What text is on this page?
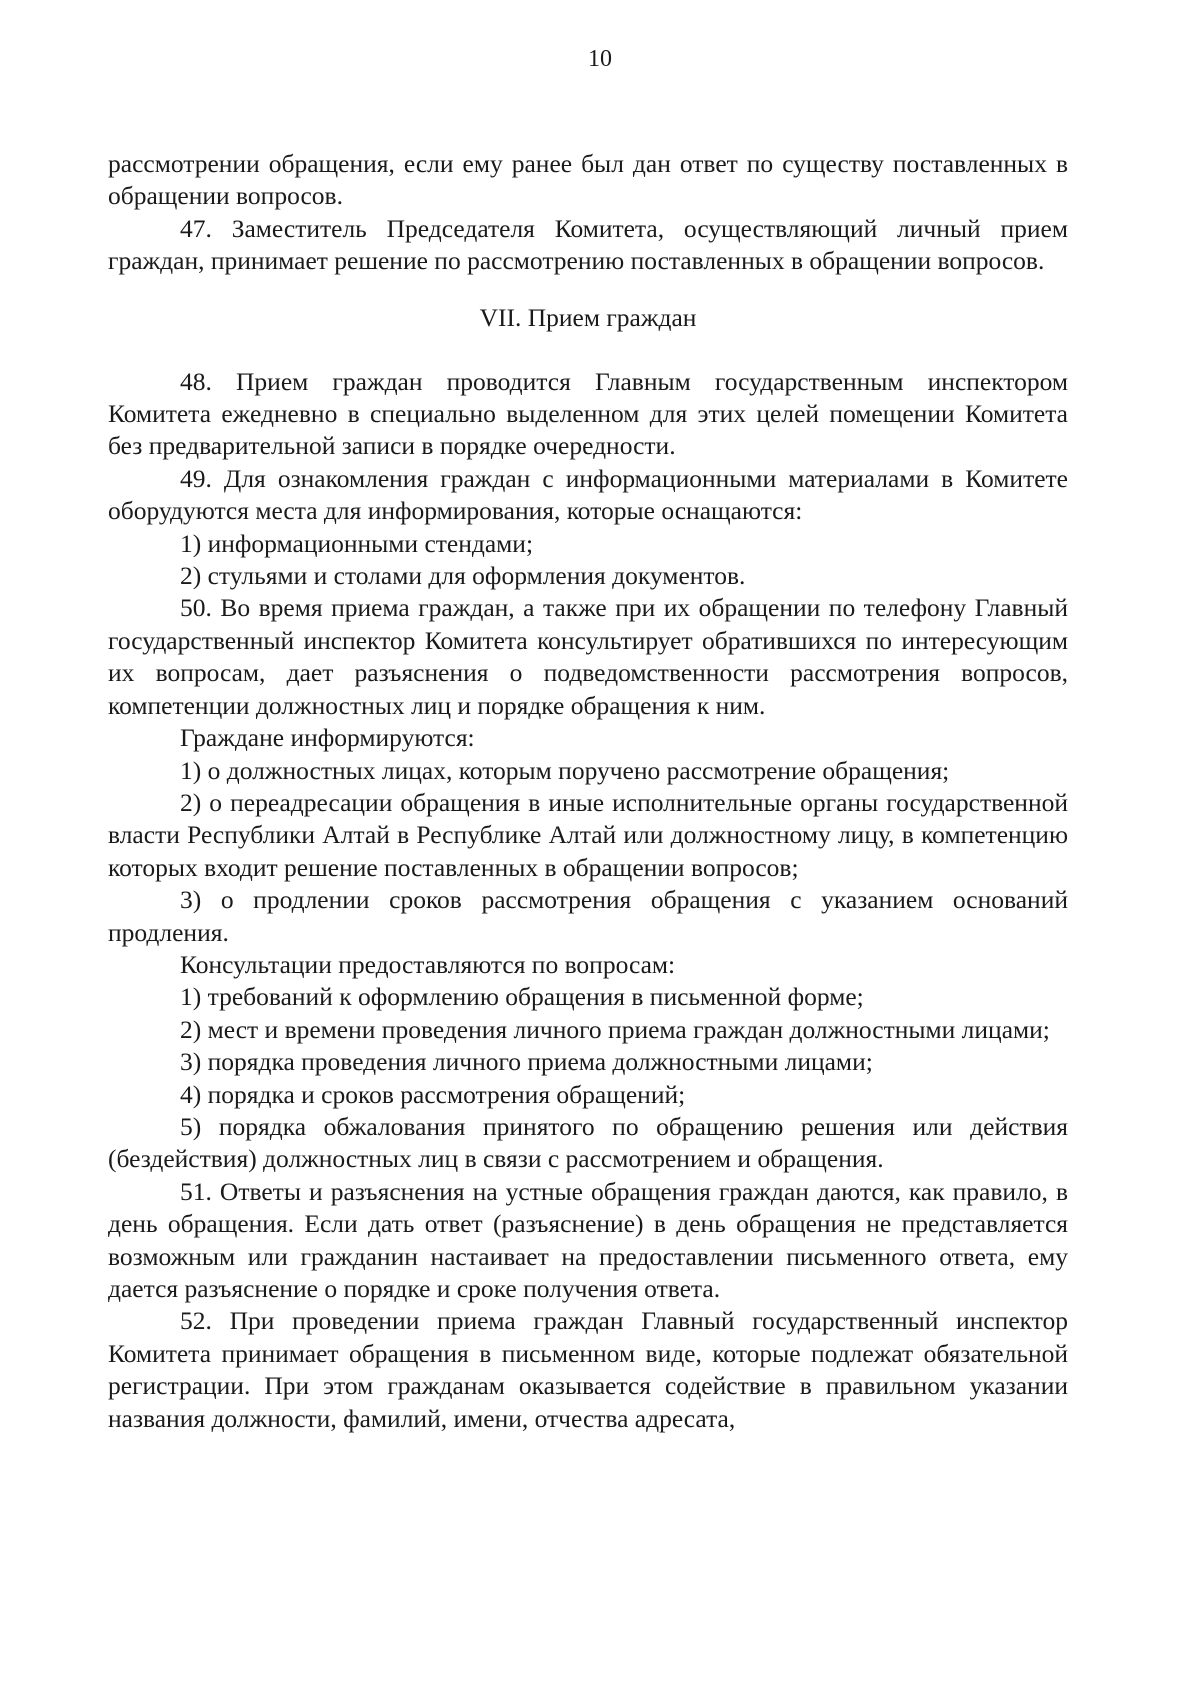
10

рассмотрении обращения, если ему ранее был дан ответ по существу поставленных в обращении вопросов.

47. Заместитель Председателя Комитета, осуществляющий личный прием граждан, принимает решение по рассмотрению поставленных в обращении вопросов.

VII. Прием граждан

48. Прием граждан проводится Главным государственным инспектором Комитета ежедневно в специально выделенном для этих целей помещении Комитета без предварительной записи в порядке очередности.

49. Для ознакомления граждан с информационными материалами в Комитете оборудуются места для информирования, которые оснащаются:

1) информационными стендами;

2) стульями и столами для оформления документов.

50. Во время приема граждан, а также при их обращении по телефону Главный государственный инспектор Комитета консультирует обратившихся по интересующим их вопросам, дает разъяснения о подведомственности рассмотрения вопросов, компетенции должностных лиц и порядке обращения к ним.

Граждане информируются:

1) о должностных лицах, которым поручено рассмотрение обращения;

2) о переадресации обращения в иные исполнительные органы государственной власти Республики Алтай в Республике Алтай или должностному лицу, в компетенцию которых входит решение поставленных в обращении вопросов;

3) о продлении сроков рассмотрения обращения с указанием оснований продления.

Консультации предоставляются по вопросам:

1) требований к оформлению обращения в письменной форме;

2) мест и времени проведения личного приема граждан должностными лицами;

3) порядка проведения личного приема должностными лицами;

4) порядка и сроков рассмотрения обращений;

5) порядка обжалования принятого по обращению решения или действия (бездействия) должностных лиц в связи с рассмотрением и обращения.

51. Ответы и разъяснения на устные обращения граждан даются, как правило, в день обращения. Если дать ответ (разъяснение) в день обращения не представляется возможным или гражданин настаивает на предоставлении письменного ответа, ему дается разъяснение о порядке и сроке получения ответа.

52. При проведении приема граждан Главный государственный инспектор Комитета принимает обращения в письменном виде, которые подлежат обязательной регистрации. При этом гражданам оказывается содействие в правильном указании названия должности, фамилий, имени, отчества адресата,
